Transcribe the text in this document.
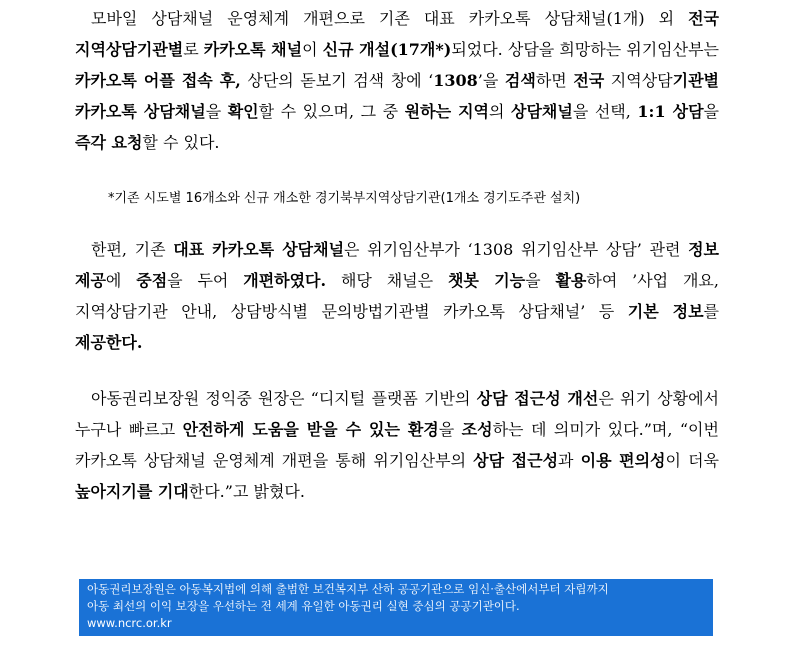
모바일 상담채널 운영체계 개편으로 기존 대표 카카오톡 상담채널(1개) 외 전국 지역상담기관별로 카카오톡 채널이 신규 개설(17개*)되었다. 상담을 희망하는 위기임산부는 카카오톡 어플 접속 후, 상단의 돋보기 검색 창에 ‘1308’을 검색하면 전국 지역상담기관별 카카오톡 상담채널을 확인할 수 있으며, 그 중 원하는 지역의 상담채널을 선택, 1:1 상담을 즉각 요청할 수 있다.

*기존 시도별 16개소와 신규 개소한 경기북부지역상담기관(1개소 경기도주관 설치)

한편, 기존 대표 카카오톡 상담채널은 위기임산부가 ‘1308 위기임산부 상담’ 관련 정보 제공에 중점을 두어 개편하였다. 해당 채널은 챗봇 기능을 활용하여 ’사업 개요, 지역상담기관 안내, 상담방식별 문의방법기관별 카카오톡 상담채널’ 등 기본 정보를 제공한다.

아동권리보장원 정익중 원장은 “디지털 플랫폼 기반의 상담 접근성 개선은 위기 상황에서 누구나 빠르고 안전하게 도움을 받을 수 있는 환경을 조성하는 데 의미가 있다.”며, “이번 카카오톡 상담채널 운영체계 개편을 통해 위기임산부의 상담 접근성과 이용 편의성이 더욱 높아지기를 기대한다.”고 밝혔다.

아동권리보장원은 아동복지법에 의해 출범한 보건복지부 산하 공공기관으로 임신·출산에서부터 자립까지
아동 최선의 이익 보장을 우선하는 전 세계 유일한 아동권리 실현 중심의 공공기관이다.
www.ncrc.or.kr
